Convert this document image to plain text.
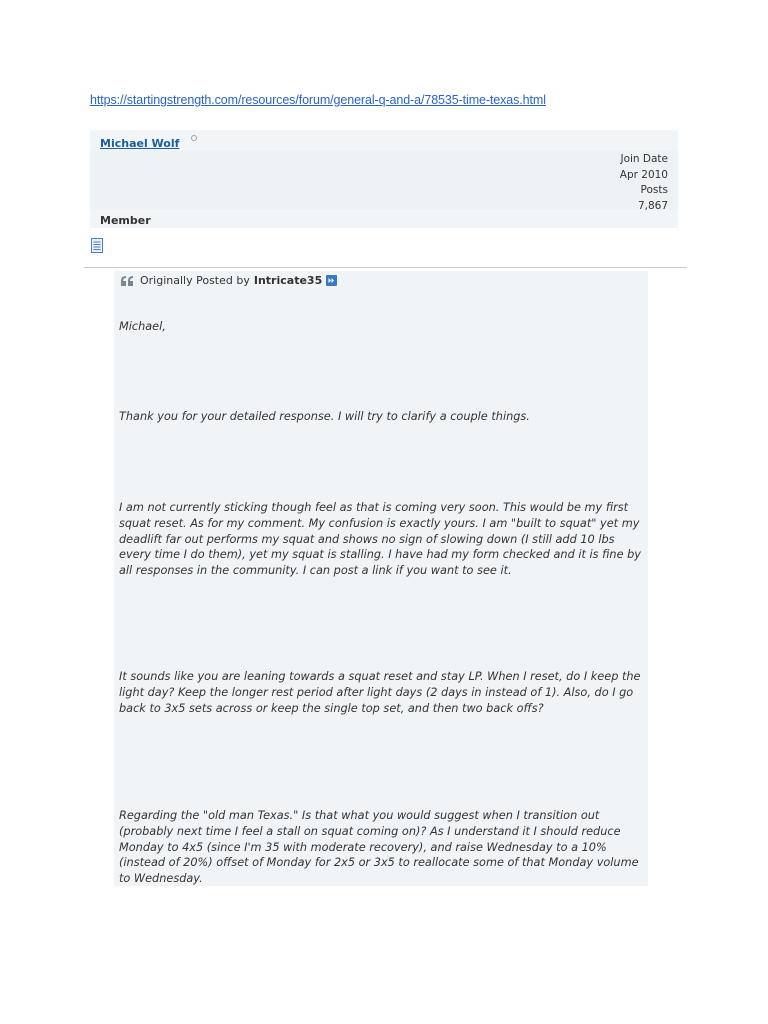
https://startingstrength.com/resources/forum/general-q-and-a/78535-time-texas.html
Michael Wolf
Join Date
Apr 2010
Posts
7,867
Member
Originally Posted by Intricate35

Michael,

Thank you for your detailed response. I will try to clarify a couple things.

I am not currently sticking though feel as that is coming very soon. This would be my first squat reset. As for my comment. My confusion is exactly yours. I am "built to squat" yet my deadlift far out performs my squat and shows no sign of slowing down (I still add 10 lbs every time I do them), yet my squat is stalling. I have had my form checked and it is fine by all responses in the community. I can post a link if you want to see it.

It sounds like you are leaning towards a squat reset and stay LP. When I reset, do I keep the light day? Keep the longer rest period after light days (2 days in instead of 1). Also, do I go back to 3x5 sets across or keep the single top set, and then two back offs?

Regarding the "old man Texas." Is that what you would suggest when I transition out (probably next time I feel a stall on squat coming on)? As I understand it I should reduce Monday to 4x5 (since I'm 35 with moderate recovery), and raise Wednesday to a 10% (instead of 20%) offset of Monday for 2x5 or 3x5 to reallocate some of that Monday volume to Wednesday.
